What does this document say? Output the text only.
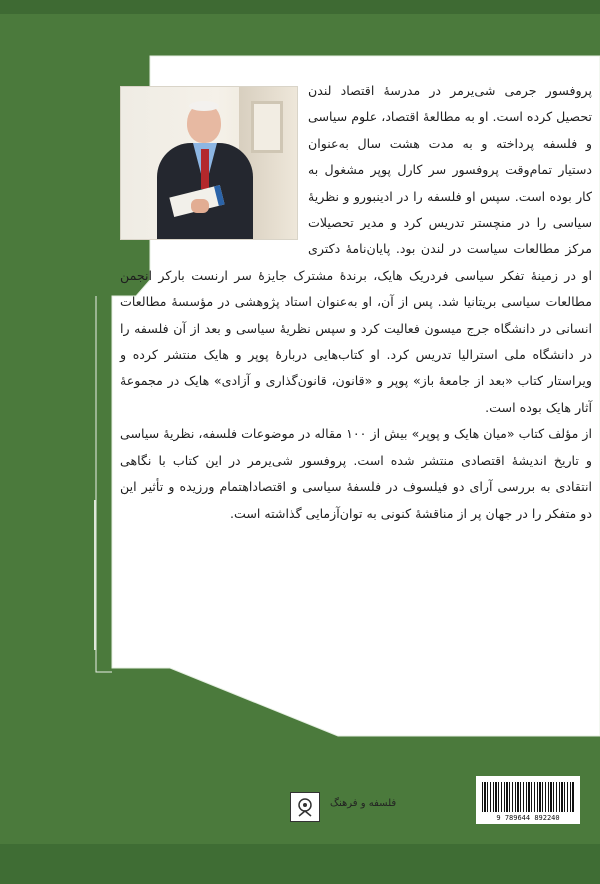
پروفسور جرمی شی‌یرمر در مدرسهٔ اقتصاد لندن تحصیل کرده است. او به مطالعهٔ اقتصاد، علوم سیاسی و فلسفه پرداخته و به مدت هشت سال به‌عنوان دستیار تمام‌وقت پروفسور سر کارل پوپر مشغول به کار بوده است. سپس او فلسفه را در ادینبورو و نظریهٔ سیاسی را در منچستر تدریس کرد و مدیر تحصیلات مرکز مطالعات سیاست در لندن بود. پایان‌نامهٔ دکتری او در زمینهٔ تفکر سیاسی فردریک هایک، برندهٔ مشترک جایزهٔ سر ارنست بارکر انجمن مطالعات سیاسی بریتانیا شد. پس از آن، او به‌عنوان استاد پژوهشی در مؤسسهٔ مطالعات انسانی در دانشگاه جرج میسون فعالیت کرد و سپس نظریهٔ سیاسی و بعد از آن فلسفه را در دانشگاه ملی استرالیا تدریس کرد. او کتاب‌هایی دربارهٔ پوپر و هایک منتشر کرده و ویراستار کتاب «بعد از جامعهٔ باز» پوپر و «قانون، قانون‌گذاری و آزادی» هایک در مجموعهٔ آثار هایک بوده است.

از مؤلف کتاب «میان هایک و پوپر» بیش از ۱۰۰ مقاله در موضوعات فلسفه، نظریهٔ سیاسی و تاریخ اندیشهٔ اقتصادی منتشر شده است. پروفسور شی‌یرمر در این کتاب با نگاهی انتقادی به بررسی آرای دو فیلسوف در فلسفهٔ سیاسی و اقتصاداهتمام ورزیده و تأثیر این دو متفکر را در جهان پر از مناقشهٔ کنونی به توان‌آزمایی گذاشته است.

فلسفه و فرهنگ
9 789644 892240
